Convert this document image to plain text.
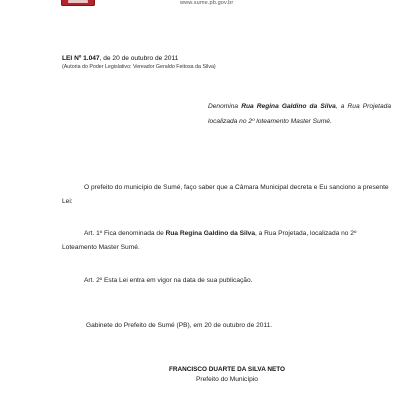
www.sume.pb.gov.br
LEI Nº 1.047, de 20 de outubro de 2011
(Autoria do Poder Legislativo: Vereador Geraldo Feitosa da Silva)
Denomina Rua Regina Galdino da Silva, a Rua Projetada localizada no 2º loteamento Master Sumé.
O prefeito do município de Sumé, faço saber que a Câmara Municipal decreta e Eu sanciono a presente Lei:
Art. 1º Fica denominada de Rua Regina Galdino da Silva, a Rua Projetada, localizada no 2º Loteamento Master Sumé.
Art. 2º Esta Lei entra em vigor na data de sua publicação.
Gabinete do Prefeito de Sumé (PB), em 20 de outubro de 2011.
FRANCISCO DUARTE DA SILVA NETO
Prefeito do Município
